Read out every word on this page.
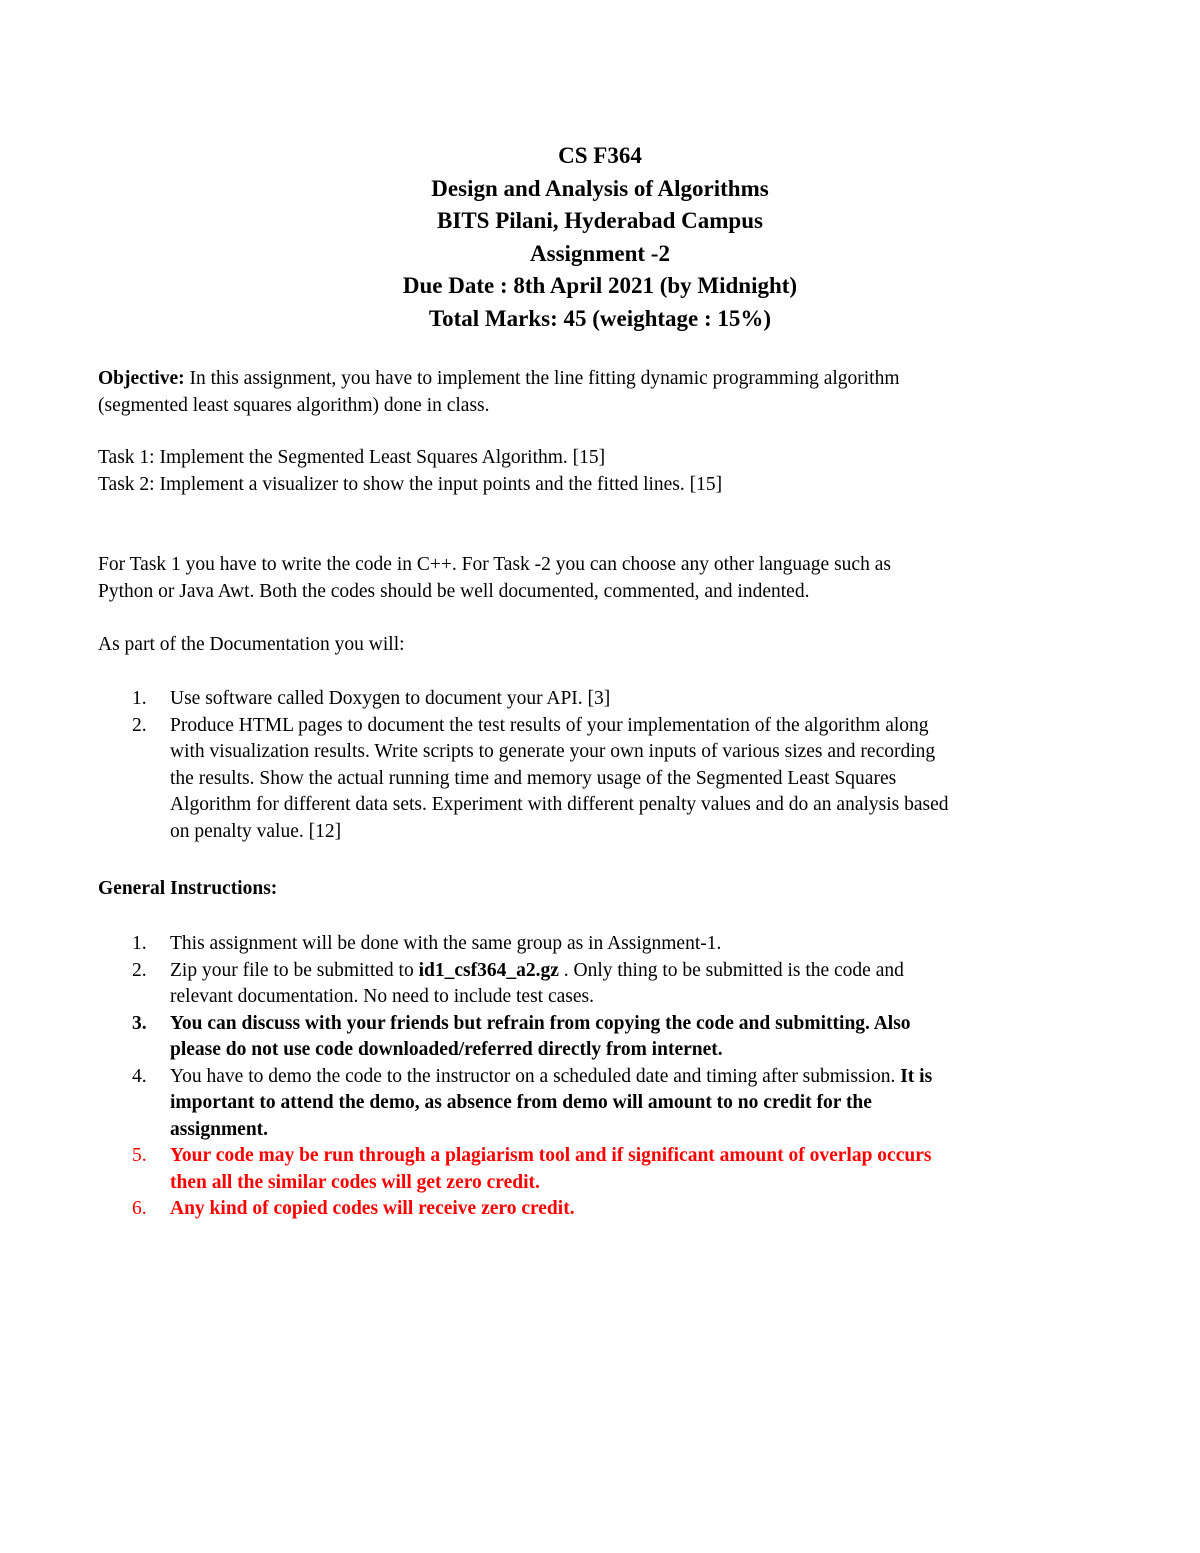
CS F364
Design and Analysis of Algorithms
BITS Pilani, Hyderabad Campus
Assignment -2
Due Date : 8th April 2021 (by Midnight)
Total Marks: 45 (weightage : 15%)

Objective: In this assignment, you have to implement the line fitting dynamic programming algorithm

(segmented least squares algorithm) done in class.

Task 1: Implement the Segmented Least Squares Algorithm. [15]

Task 2: Implement a visualizer to show the input points and the fitted lines. [15]

For Task 1 you have to write the code in C++. For Task -2 you can choose any other language such as

Python or Java Awt. Both the codes should be well documented, commented, and indented.

As part of the Documentation you will:

1. Use software called Doxygen to document your API. [3]
2. Produce HTML pages to document the test results of your implementation of the algorithm along
with visualization results. Write scripts to generate your own inputs of various sizes and recording
the results. Show the actual running time and memory usage of the Segmented Least Squares
Algorithm for different data sets. Experiment with different penalty values and do an analysis based
on penalty value. [12]

General Instructions:

1. This assignment will be done with the same group as in Assignment-1.
2. Zip your file to be submitted to id1_csf364_a2.gz . Only thing to be submitted is the code and
relevant documentation. No need to include test cases.
3. You can discuss with your friends but refrain from copying the code and submitting. Also
please do not use code downloaded/referred directly from internet.
4. You have to demo the code to the instructor on a scheduled date and timing after submission. It is
important to attend the demo, as absence from demo will amount to no credit for the
assignment.
5. Your code may be run through a plagiarism tool and if significant amount of overlap occurs
then all the similar codes will get zero credit.
6. Any kind of copied codes will receive zero credit.
